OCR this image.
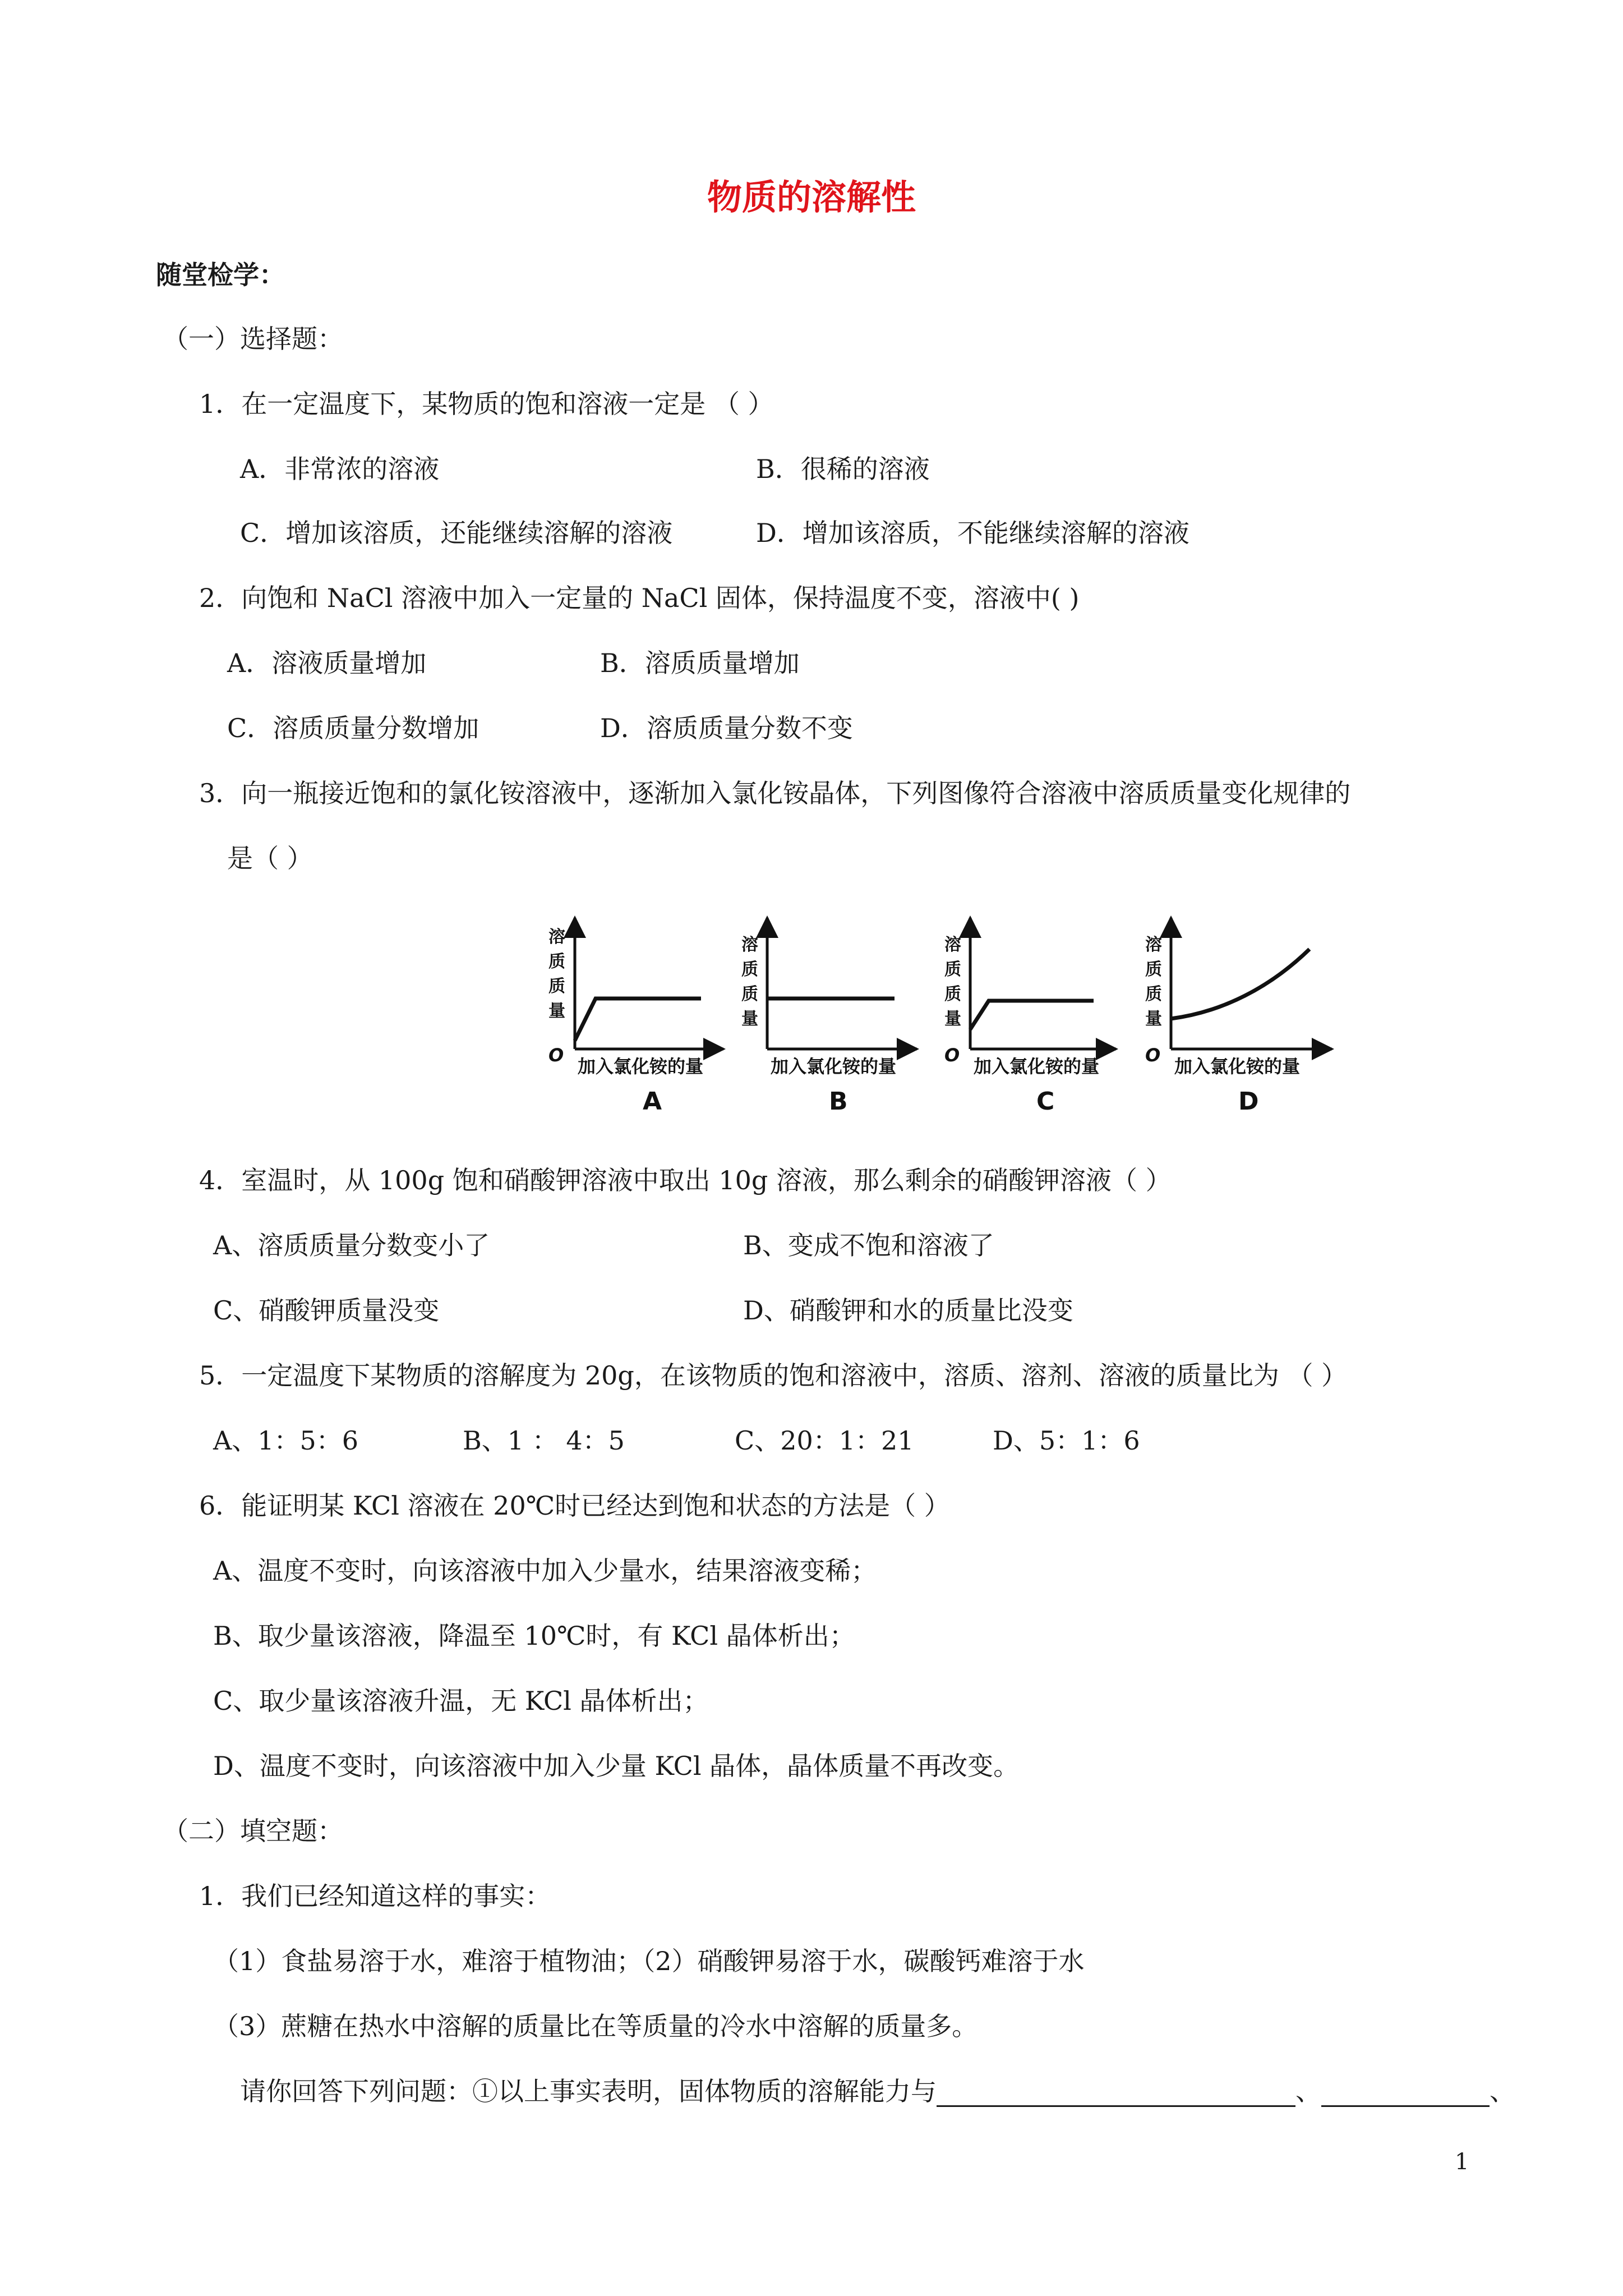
物质的溶解性
随堂检学：
（一）选择题：
1．在一定温度下，某物质的饱和溶液一定是 （ ）
A．非常浓的溶液	B．很稀的溶液
C．增加该溶质，还能继续溶解的溶液	D．增加该溶质，不能继续溶解的溶液
2．向饱和 NaCl 溶液中加入一定量的 NaCl 固体，保持温度不变，溶液中( )
A．溶液质量增加	B．溶质质量增加
C．溶质质量分数增加	D．溶质质量分数不变
3．向一瓶接近饱和的氯化铵溶液中，逐渐加入氯化铵晶体，下列图像符合溶液中溶质质量变化规律的
是（ ）
溶
质
质
量
O
加入氯化铵的量
A
溶
质
质
量
加入氯化铵的量
B
溶
质
质
量
O
加入氯化铵的量
C
溶
质
质
量
O
加入氯化铵的量
D
4．室温时，从 100g 饱和硝酸钾溶液中取出 10g 溶液，那么剩余的硝酸钾溶液（ ）
A、溶质质量分数变小了	B、变成不饱和溶液了
C、硝酸钾质量没变	D、硝酸钾和水的质量比没变
5．一定温度下某物质的溶解度为 20g，在该物质的饱和溶液中，溶质、溶剂、溶液的质量比为 （ ）
A、1：5：6	B、1 ： 4：5	C、20：1：21	D、5：1：6
6．能证明某 KCl 溶液在 20℃时已经达到饱和状态的方法是（ ）
A、温度不变时，向该溶液中加入少量水，结果溶液变稀；
B、取少量该溶液，降温至 10℃时，有 KCl 晶体析出；
C、取少量该溶液升温，无 KCl 晶体析出；
D、温度不变时，向该溶液中加入少量 KCl 晶体，晶体质量不再改变。
（二）填空题：
1．我们已经知道这样的事实：
（1）食盐易溶于水，难溶于植物油；（2）硝酸钾易溶于水，碳酸钙难溶于水
（3）蔗糖在热水中溶解的质量比在等质量的冷水中溶解的质量多。
请你回答下列问题：①以上事实表明，固体物质的溶解能力与	、	、
1
